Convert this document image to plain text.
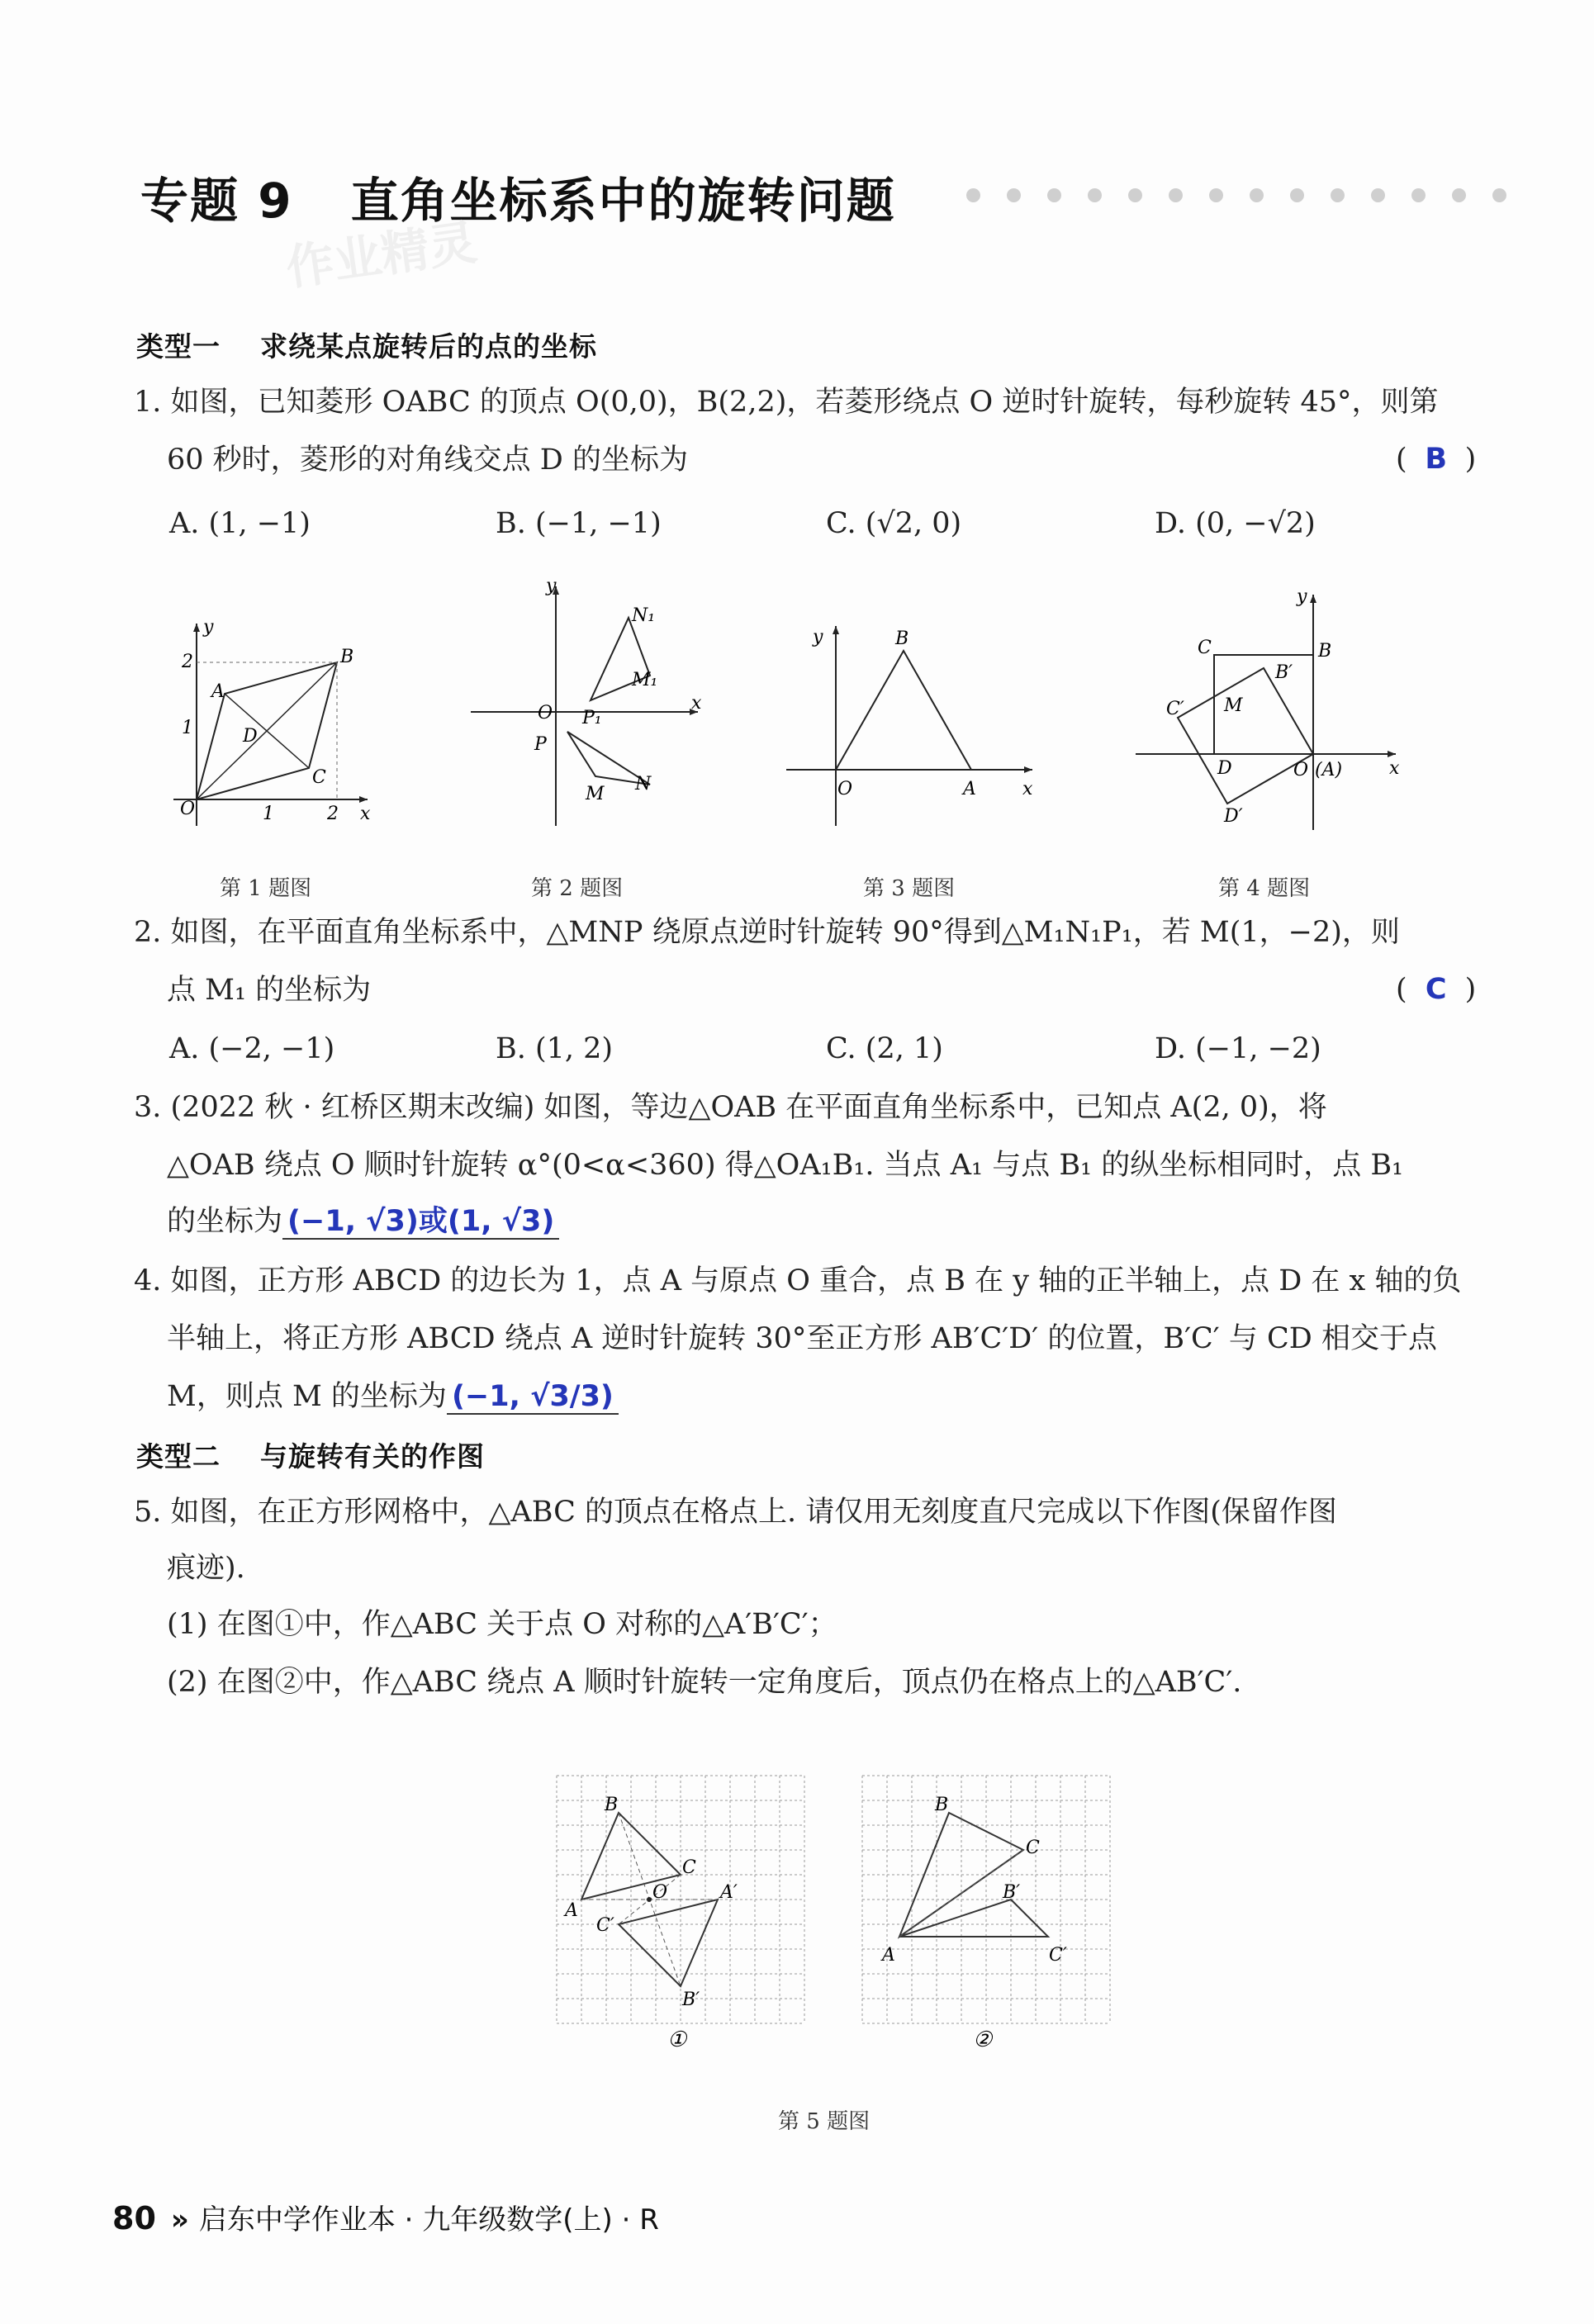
专题 9 直角坐标系中的旋转问题
作业精灵
类型一 求绕某点旋转后的点的坐标
1. 如图，已知菱形 OABC 的顶点 O(0,0)，B(2,2)，若菱形绕点 O 逆时针旋转，每秒旋转 45°，则第
60 秒时，菱形的对角线交点 D 的坐标为	( B )
A. (1, −1)	B. (−1, −1)	C. (√2, 0)	D. (0, −√2)
O
A
B
C
D
y
x
2
1
1	2
第 1 题图
y
x
O
P
P₁
N₁
M₁
N
M
第 2 题图
y	B
O	A	x
第 3 题图
y
x
C	B
B′
M
C′
D
D′
O (A)
第 4 题图
2. 如图，在平面直角坐标系中，△MNP 绕原点逆时针旋转 90°得到△M₁N₁P₁，若 M(1，−2)，则
点 M₁ 的坐标为	( C )
A. (−2, −1)	B. (1, 2)	C. (2, 1)	D. (−1, −2)
3. (2022 秋 · 红桥区期末改编) 如图，等边△OAB 在平面直角坐标系中，已知点 A(2, 0)，将
△OAB 绕点 O 顺时针旋转 α°(0<α<360) 得△OA₁B₁. 当点 A₁ 与点 B₁ 的纵坐标相同时，点 B₁
的坐标为 (−1, √3)或(1, √3)
4. 如图，正方形 ABCD 的边长为 1，点 A 与原点 O 重合，点 B 在 y 轴的正半轴上，点 D 在 x 轴的负
半轴上，将正方形 ABCD 绕点 A 逆时针旋转 30°至正方形 AB′C′D′ 的位置，B′C′ 与 CD 相交于点
M，则点 M 的坐标为 (−1, √3/3)
类型二 与旋转有关的作图
5. 如图，在正方形网格中，△ABC 的顶点在格点上. 请仅用无刻度直尺完成以下作图(保留作图
痕迹).
(1) 在图①中，作△ABC 关于点 O 对称的△A′B′C′；
(2) 在图②中，作△ABC 绕点 A 顺时针旋转一定角度后，顶点仍在格点上的△AB′C′.
B
C
A
O	A′
C′
B′
①
B
C
B′
A	C′
②
第 5 题图
80 » 启东中学作业本 · 九年级数学(上) · R
